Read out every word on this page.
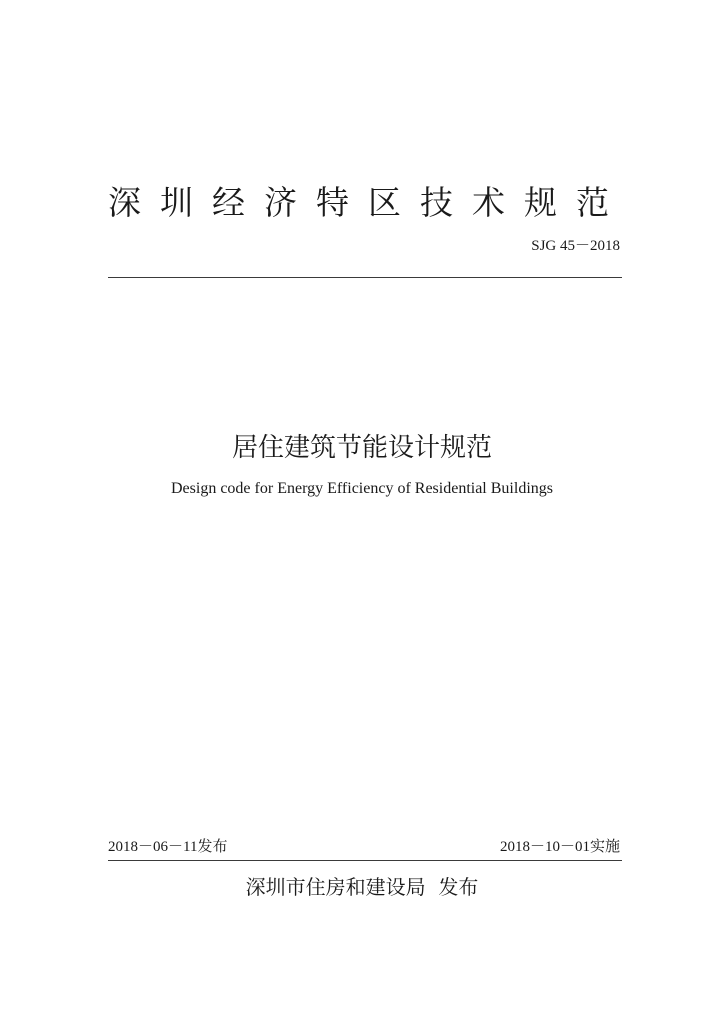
深圳经济特区技术规范
SJG 45－2018
居住建筑节能设计规范
Design code for Energy Efficiency of Residential Buildings
2018－06－11发布	2018－10－01实施
深圳市住房和建设局  发布
